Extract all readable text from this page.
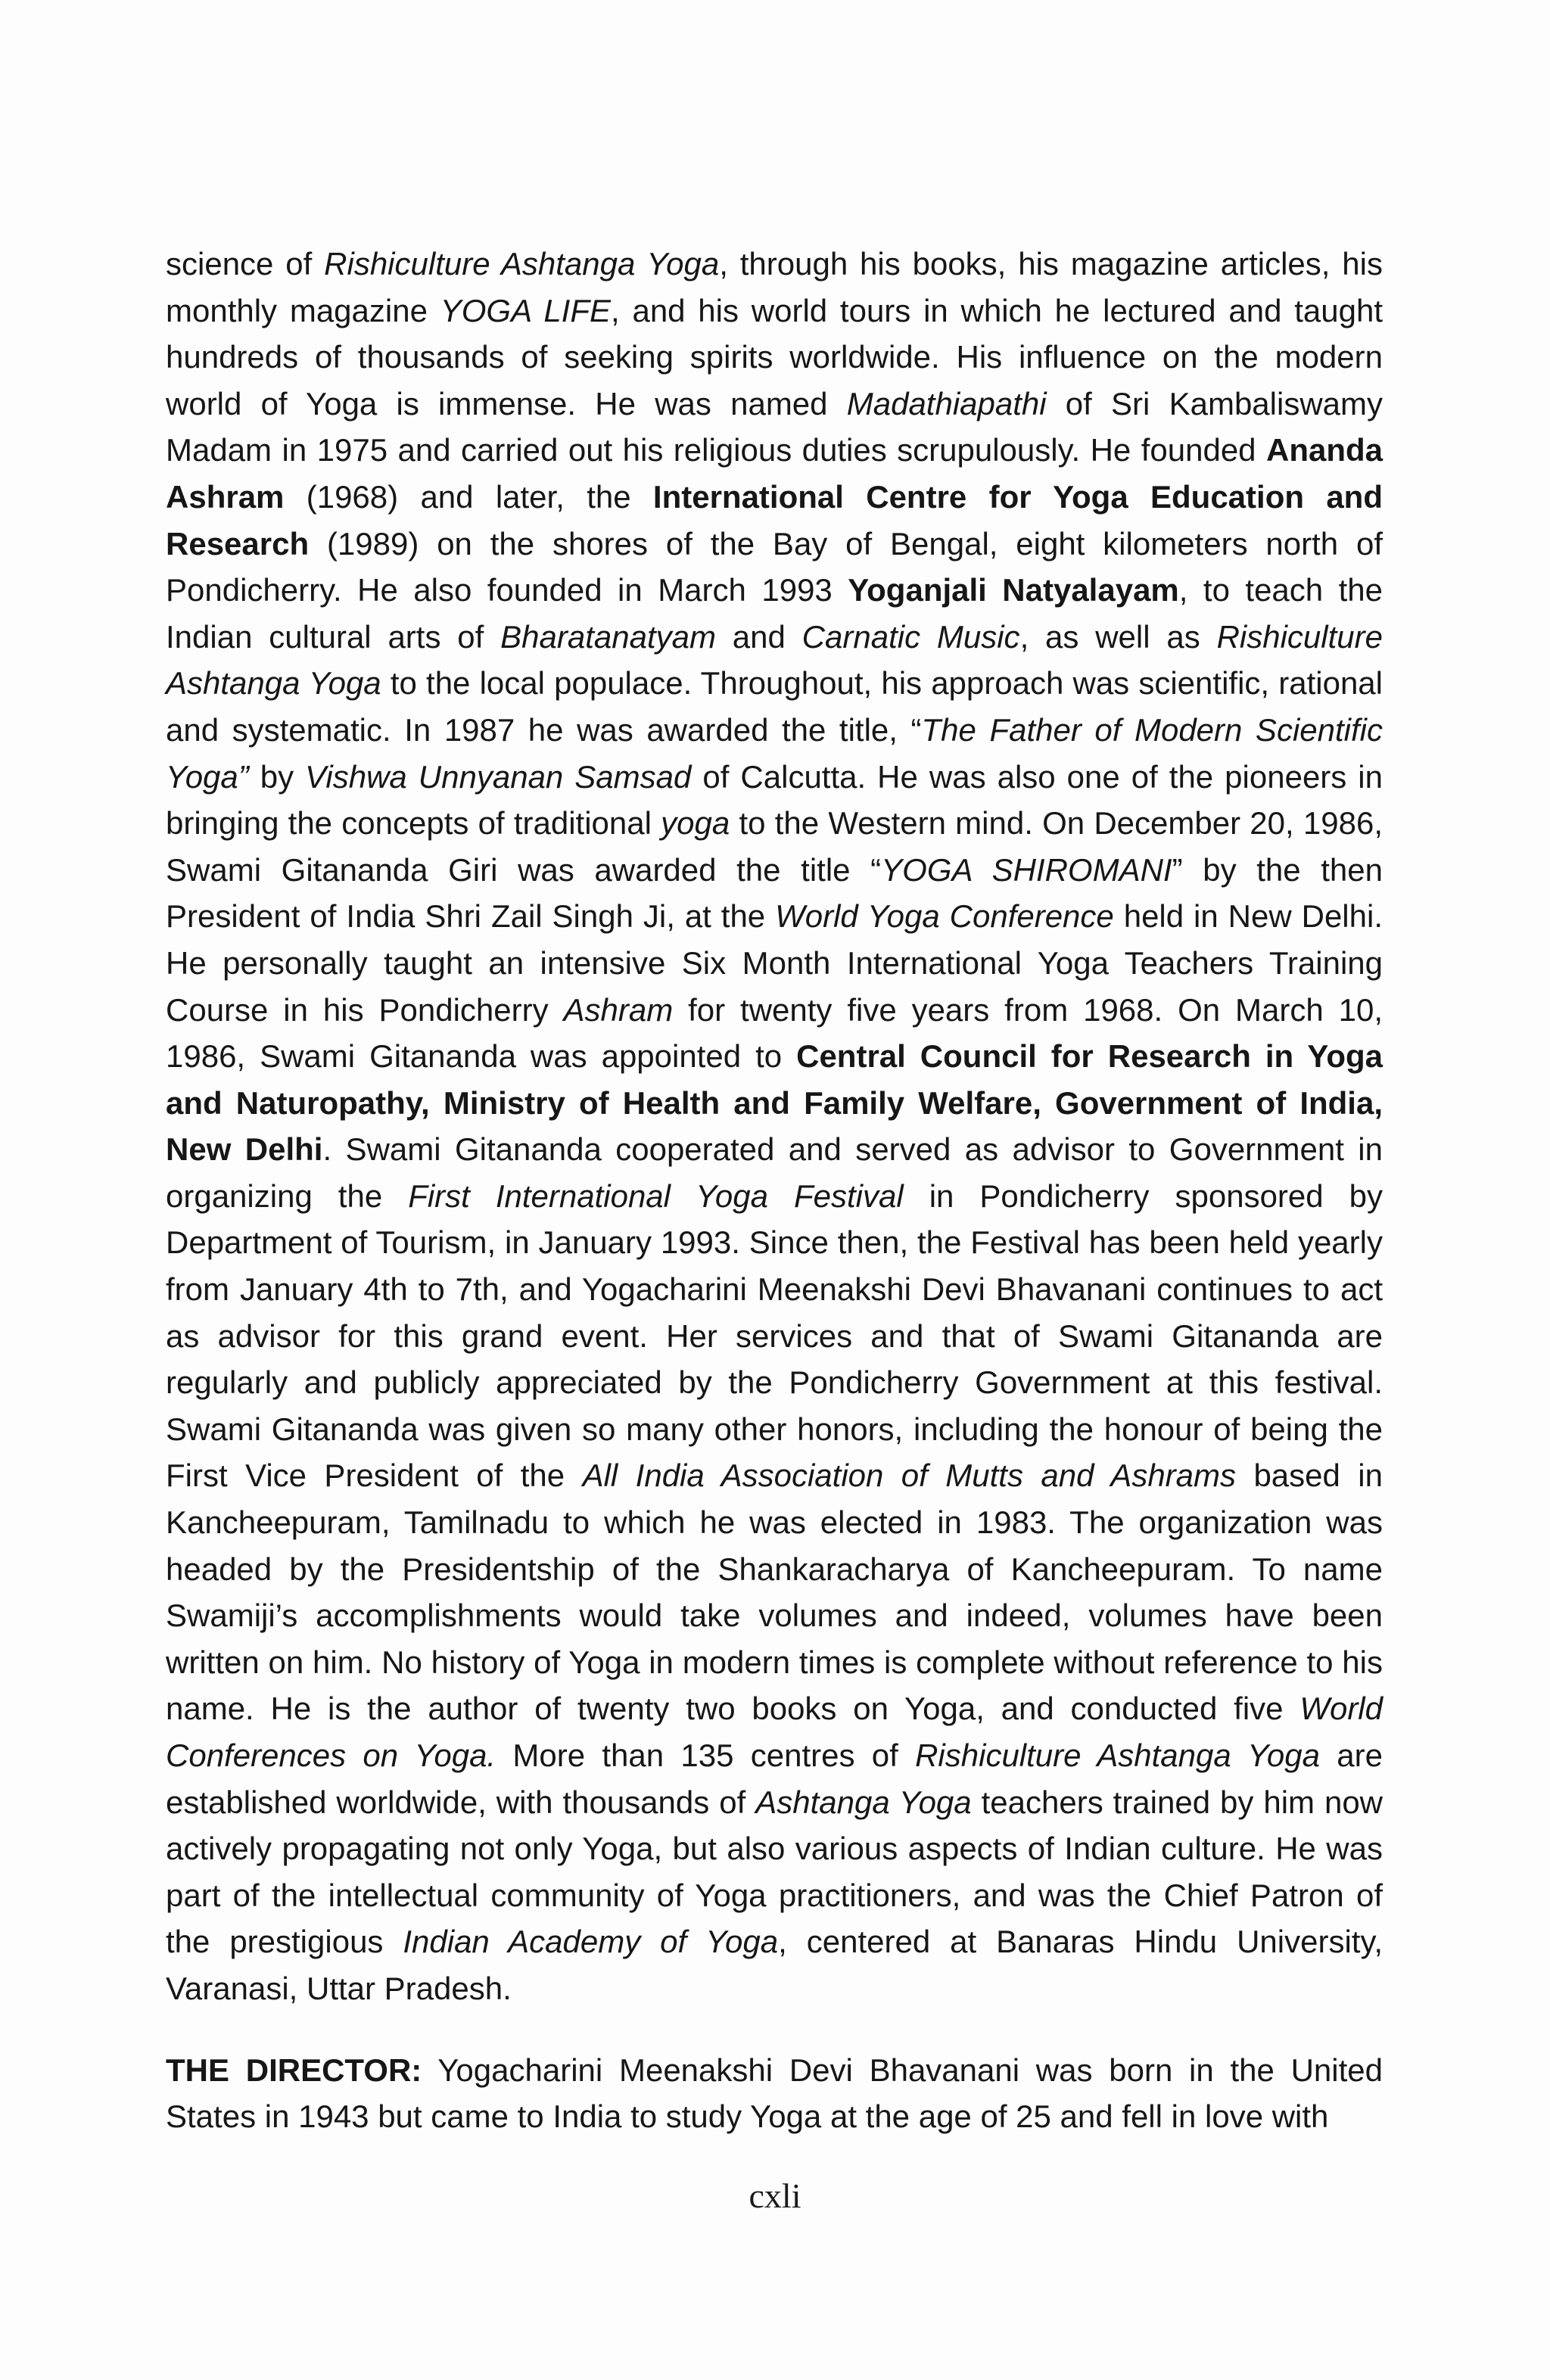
science of Rishiculture Ashtanga Yoga, through his books, his magazine articles, his monthly magazine YOGA LIFE, and his world tours in which he lectured and taught hundreds of thousands of seeking spirits worldwide. His influence on the modern world of Yoga is immense. He was named Madathiapathi of Sri Kambaliswamy Madam in 1975 and carried out his religious duties scrupulously. He founded Ananda Ashram (1968) and later, the International Centre for Yoga Education and Research (1989) on the shores of the Bay of Bengal, eight kilometers north of Pondicherry. He also founded in March 1993 Yoganjali Natyalayam, to teach the Indian cultural arts of Bharatanatyam and Carnatic Music, as well as Rishiculture Ashtanga Yoga to the local populace. Throughout, his approach was scientific, rational and systematic. In 1987 he was awarded the title, “The Father of Modern Scientific Yoga” by Vishwa Unnyanan Samsad of Calcutta. He was also one of the pioneers in bringing the concepts of traditional yoga to the Western mind. On December 20, 1986, Swami Gitananda Giri was awarded the title “YOGA SHIROMANI” by the then President of India Shri Zail Singh Ji, at the World Yoga Conference held in New Delhi. He personally taught an intensive Six Month International Yoga Teachers Training Course in his Pondicherry Ashram for twenty five years from 1968. On March 10, 1986, Swami Gitananda was appointed to Central Council for Research in Yoga and Naturopathy, Ministry of Health and Family Welfare, Government of India, New Delhi. Swami Gitananda cooperated and served as advisor to Government in organizing the First International Yoga Festival in Pondicherry sponsored by Department of Tourism, in January 1993. Since then, the Festival has been held yearly from January 4th to 7th, and Yogacharini Meenakshi Devi Bhavanani continues to act as advisor for this grand event. Her services and that of Swami Gitananda are regularly and publicly appreciated by the Pondicherry Government at this festival. Swami Gitananda was given so many other honors, including the honour of being the First Vice President of the All India Association of Mutts and Ashrams based in Kancheepuram, Tamilnadu to which he was elected in 1983. The organization was headed by the Presidentship of the Shankaracharya of Kancheepuram. To name Swamiji’s accomplishments would take volumes and indeed, volumes have been written on him. No history of Yoga in modern times is complete without reference to his name. He is the author of twenty two books on Yoga, and conducted five World Conferences on Yoga. More than 135 centres of Rishiculture Ashtanga Yoga are established worldwide, with thousands of Ashtanga Yoga teachers trained by him now actively propagating not only Yoga, but also various aspects of Indian culture. He was part of the intellectual community of Yoga practitioners, and was the Chief Patron of the prestigious Indian Academy of Yoga, centered at Banaras Hindu University, Varanasi, Uttar Pradesh.

THE DIRECTOR: Yogacharini Meenakshi Devi Bhavanani was born in the United States in 1943 but came to India to study Yoga at the age of 25 and fell in love with

cxli
